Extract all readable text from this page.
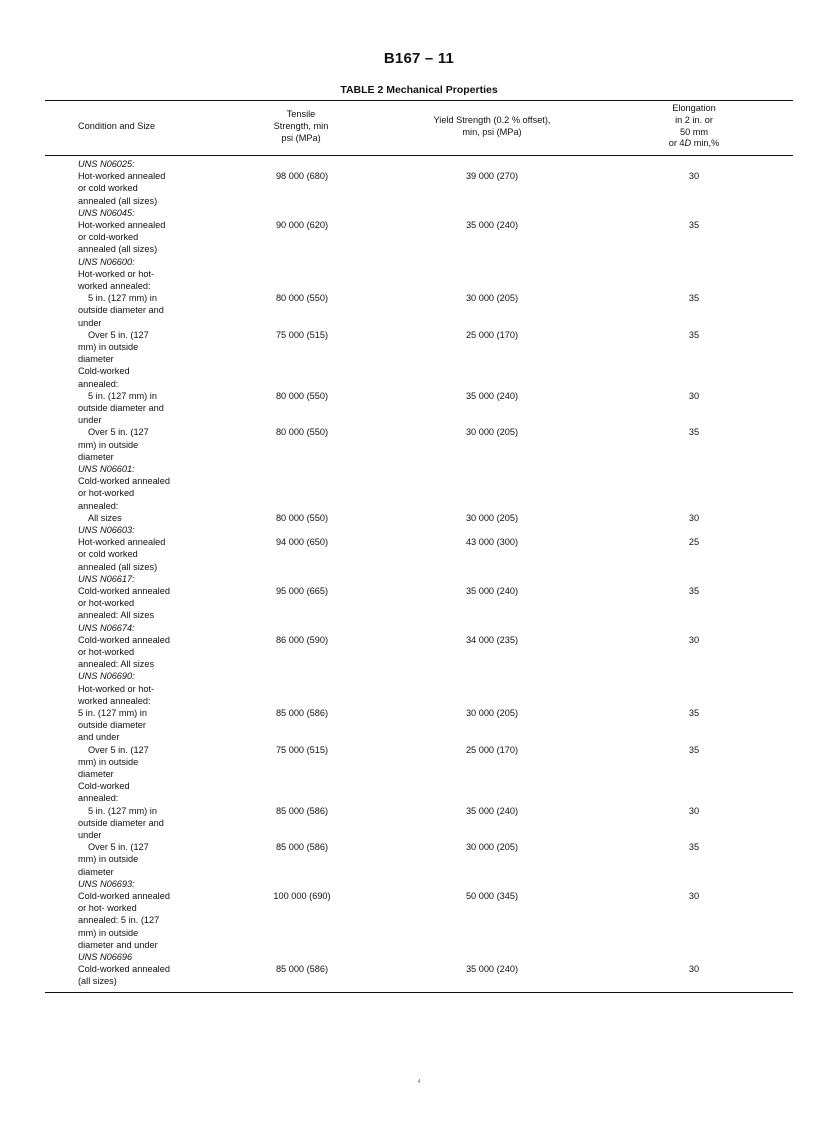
B167 – 11
TABLE 2 Mechanical Properties
Condition and Size
Tensile
Strength, min
psi (MPa)
Yield Strength (0.2 % offset),
min, psi (MPa)
Elongation
in 2 in. or
50 mm
or 4D min,%
UNS N06025:
Hot-worked annealed
or cold worked
annealed (all sizes)
98 000 (680)	39 000 (270)	30
UNS N06045:
Hot-worked annealed
or cold-worked
annealed (all sizes)
90 000 (620)	35 000 (240)	35
UNS N06600:
Hot-worked or hot-
worked annealed:
5 in. (127 mm) in
outside diameter and
under
80 000 (550)	30 000 (205)	35
Over 5 in. (127
mm) in outside
diameter
75 000 (515)	25 000 (170)	35
Cold-worked
annealed:
5 in. (127 mm) in
outside diameter and
under
80 000 (550)	35 000 (240)	30
Over 5 in. (127
mm) in outside
diameter
80 000 (550)	30 000 (205)	35
UNS N06601:
Cold-worked annealed
or hot-worked
annealed:
All sizes	80 000 (550)	30 000 (205)	30
UNS N06603:
Hot-worked annealed
or cold worked
annealed (all sizes)
94 000 (650)	43 000 (300)	25
UNS N06617:
Cold-worked annealed
or hot-worked
annealed: All sizes
95 000 (665)	35 000 (240)	35
UNS N06674:
Cold-worked annealed
or hot-worked
annealed: All sizes
86 000 (590)	34 000 (235)	30
UNS N06690:
Hot-worked or hot-
worked annealed:
5 in. (127 mm) in
outside diameter
and under
85 000 (586)	30 000 (205)	35
Over 5 in. (127
mm) in outside
diameter
75 000 (515)	25 000 (170)	35
Cold-worked
annealed:
5 in. (127 mm) in
outside diameter and
under
85 000 (586)	35 000 (240)	30
Over 5 in. (127
mm) in outside
diameter
85 000 (586)	30 000 (205)	35
UNS N06693:
Cold-worked annealed
or hot- worked
annealed: 5 in. (127
mm) in outside
diameter and under
100 000 (690)	50 000 (345)	30
UNS N06696
Cold-worked annealed
(all sizes)
85 000 (586)	35 000 (240)	30
4
